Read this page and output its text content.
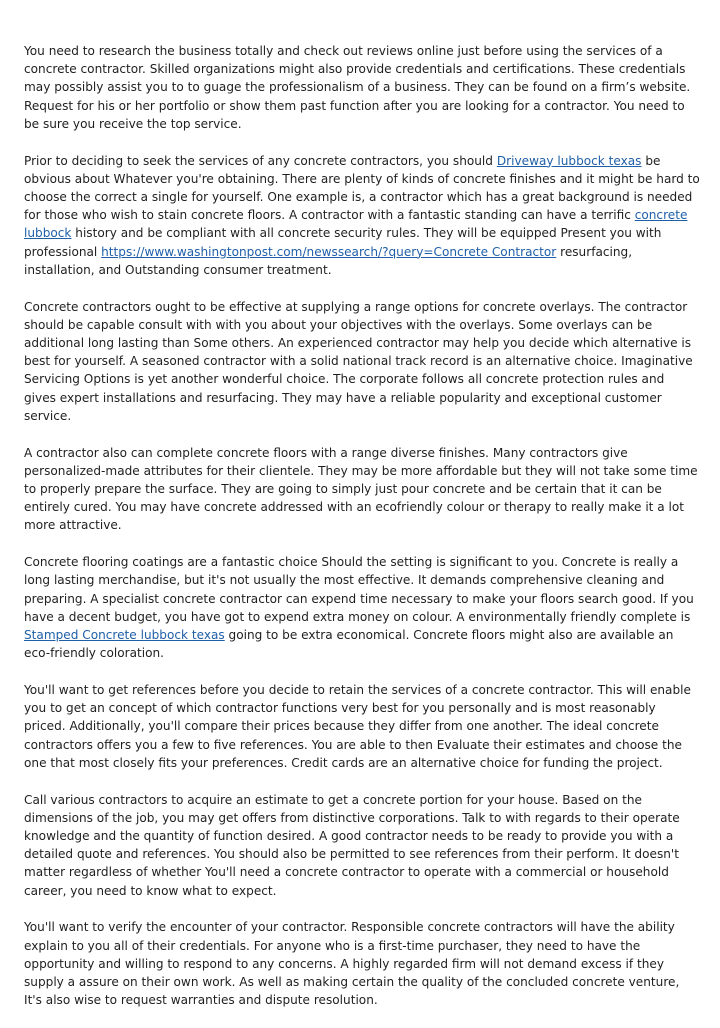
You need to research the business totally and check out reviews online just before using the services of a concrete contractor. Skilled organizations might also provide credentials and certifications. These credentials may possibly assist you to to guage the professionalism of a business. They can be found on a firm’s website. Request for his or her portfolio or show them past function after you are looking for a contractor. You need to be sure you receive the top service.

Prior to deciding to seek the services of any concrete contractors, you should Driveway lubbock texas be obvious about Whatever you're obtaining. There are plenty of kinds of concrete finishes and it might be hard to choose the correct a single for yourself. One example is, a contractor which has a great background is needed for those who wish to stain concrete floors. A contractor with a fantastic standing can have a terrific concrete lubbock history and be compliant with all concrete security rules. They will be equipped Present you with professional https://www.washingtonpost.com/newssearch/?query=Concrete Contractor resurfacing, installation, and Outstanding consumer treatment.

Concrete contractors ought to be effective at supplying a range options for concrete overlays. The contractor should be capable consult with with you about your objectives with the overlays. Some overlays can be additional long lasting than Some others. An experienced contractor may help you decide which alternative is best for yourself. A seasoned contractor with a solid national track record is an alternative choice. Imaginative Servicing Options is yet another wonderful choice. The corporate follows all concrete protection rules and gives expert installations and resurfacing. They may have a reliable popularity and exceptional customer service.

A contractor also can complete concrete floors with a range diverse finishes. Many contractors give personalized-made attributes for their clientele. They may be more affordable but they will not take some time to properly prepare the surface. They are going to simply just pour concrete and be certain that it can be entirely cured. You may have concrete addressed with an ecofriendly colour or therapy to really make it a lot more attractive.

Concrete flooring coatings are a fantastic choice Should the setting is significant to you. Concrete is really a long lasting merchandise, but it's not usually the most effective. It demands comprehensive cleaning and preparing. A specialist concrete contractor can expend time necessary to make your floors search good. If you have a decent budget, you have got to expend extra money on colour. A environmentally friendly complete is Stamped Concrete lubbock texas going to be extra economical. Concrete floors might also are available an eco-friendly coloration.

You'll want to get references before you decide to retain the services of a concrete contractor. This will enable you to get an concept of which contractor functions very best for you personally and is most reasonably priced. Additionally, you'll compare their prices because they differ from one another. The ideal concrete contractors offers you a few to five references. You are able to then Evaluate their estimates and choose the one that most closely fits your preferences. Credit cards are an alternative choice for funding the project.

Call various contractors to acquire an estimate to get a concrete portion for your house. Based on the dimensions of the job, you may get offers from distinctive corporations. Talk to with regards to their operate knowledge and the quantity of function desired. A good contractor needs to be ready to provide you with a detailed quote and references. You should also be permitted to see references from their perform. It doesn't matter regardless of whether You'll need a concrete contractor to operate with a commercial or household career, you need to know what to expect.

You'll want to verify the encounter of your contractor. Responsible concrete contractors will have the ability explain to you all of their credentials. For anyone who is a first-time purchaser, they need to have the opportunity and willing to respond to any concerns. A highly regarded firm will not demand excess if they supply a assure on their own work. As well as making certain the quality of the concluded concrete venture, It's also wise to request warranties and dispute resolution.
